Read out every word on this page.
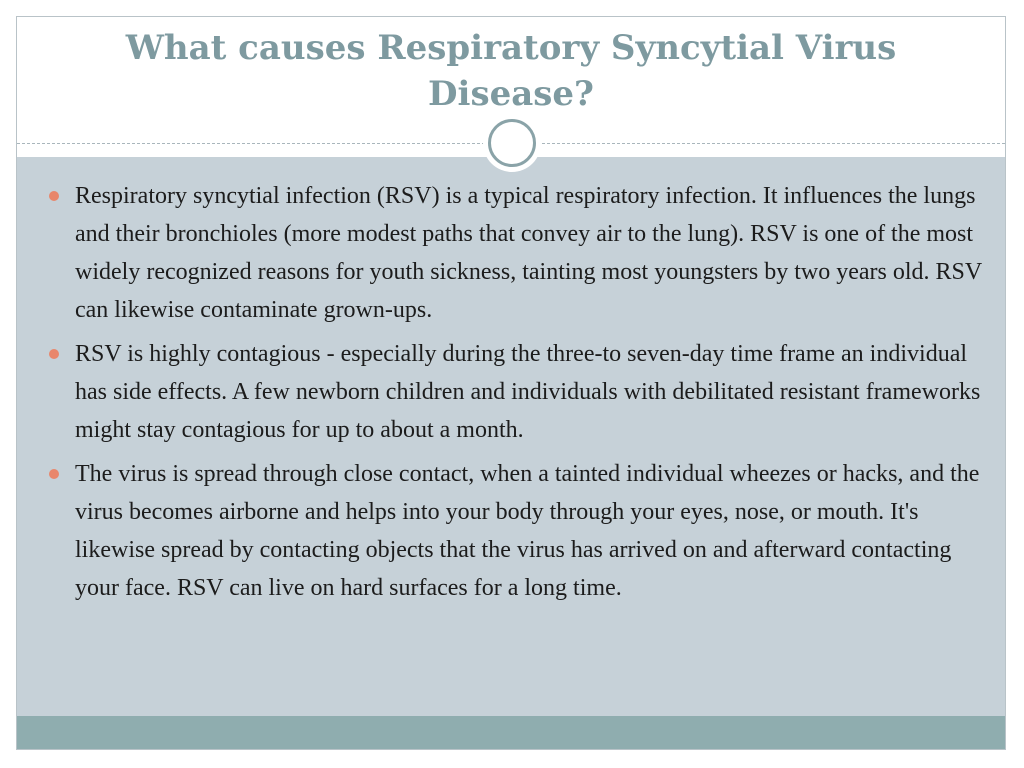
What causes Respiratory Syncytial Virus Disease?
Respiratory syncytial infection (RSV) is a typical respiratory infection. It influences the lungs and their bronchioles (more modest paths that convey air to the lung). RSV is one of the most widely recognized reasons for youth sickness, tainting most youngsters by two years old. RSV can likewise contaminate grown-ups.
RSV is highly contagious - especially during the three-to seven-day time frame an individual has side effects. A few newborn children and individuals with debilitated resistant frameworks might stay contagious for up to about a month.
The virus is spread through close contact, when a tainted individual wheezes or hacks, and the virus becomes airborne and helps into your body through your eyes, nose, or mouth. It's likewise spread by contacting objects that the virus has arrived on and afterward contacting your face. RSV can live on hard surfaces for a long time.
